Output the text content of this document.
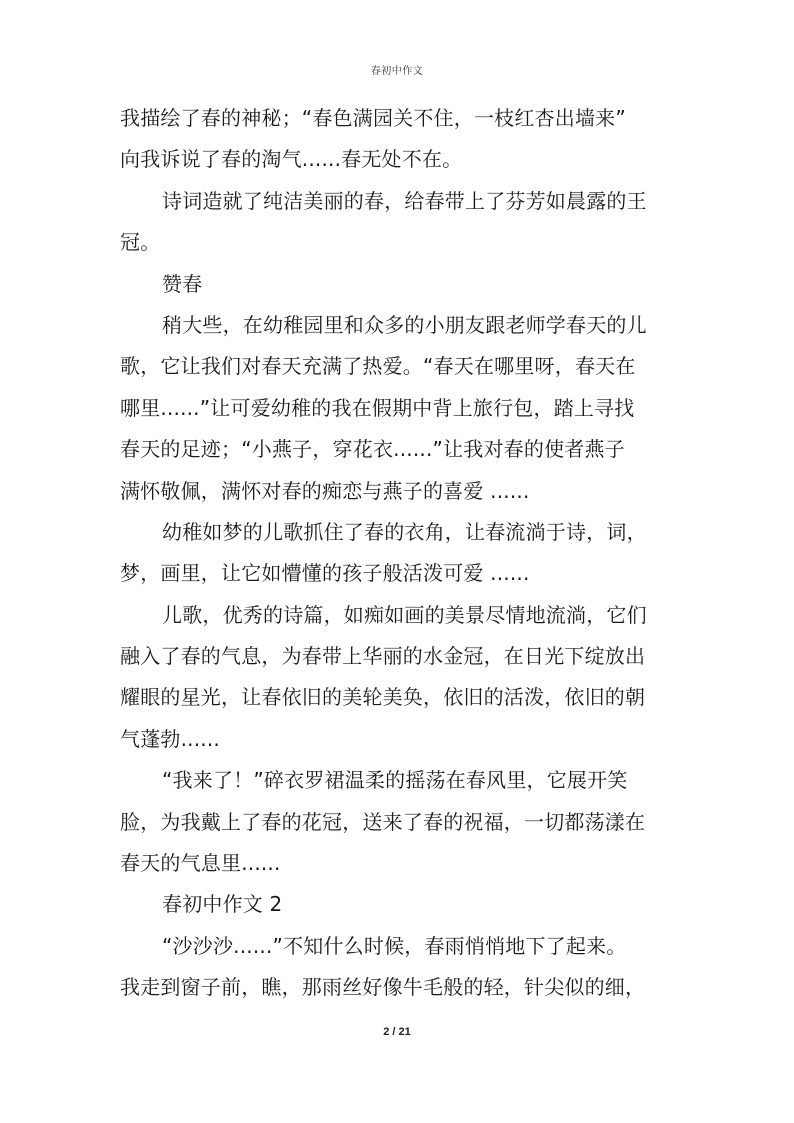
春初中作文

我描绘了春的神秘；“春色满园关不住，一枝红杏出墙来”
向我诉说了春的淘气......春无处不在。

诗词造就了纯洁美丽的春，给春带上了芬芳如晨露的王
冠。

赞春

稍大些，在幼稚园里和众多的小朋友跟老师学春天的儿
歌，它让我们对春天充满了热爱。“春天在哪里呀，春天在
哪里......”让可爱幼稚的我在假期中背上旅行包，踏上寻找
春天的足迹；“小燕子，穿花衣......”让我对春的使者燕子
满怀敬佩，满怀对春的痴恋与燕子的喜爱 ......

幼稚如梦的儿歌抓住了春的衣角，让春流淌于诗，词，
梦，画里，让它如懵懂的孩子般活泼可爱 ......

儿歌，优秀的诗篇，如痴如画的美景尽情地流淌，它们
融入了春的气息，为春带上华丽的水金冠，在日光下绽放出
耀眼的星光，让春依旧的美轮美奂，依旧的活泼，依旧的朝
气蓬勃......

“我来了！”碎衣罗裙温柔的摇荡在春风里，它展开笑
脸，为我戴上了春的花冠，送来了春的祝福，一切都荡漾在
春天的气息里......

春初中作文 2

“沙沙沙......”不知什么时候，春雨悄悄地下了起来。
我走到窗子前，瞧，那雨丝好像牛毛般的轻，针尖似的细，

2 / 21
